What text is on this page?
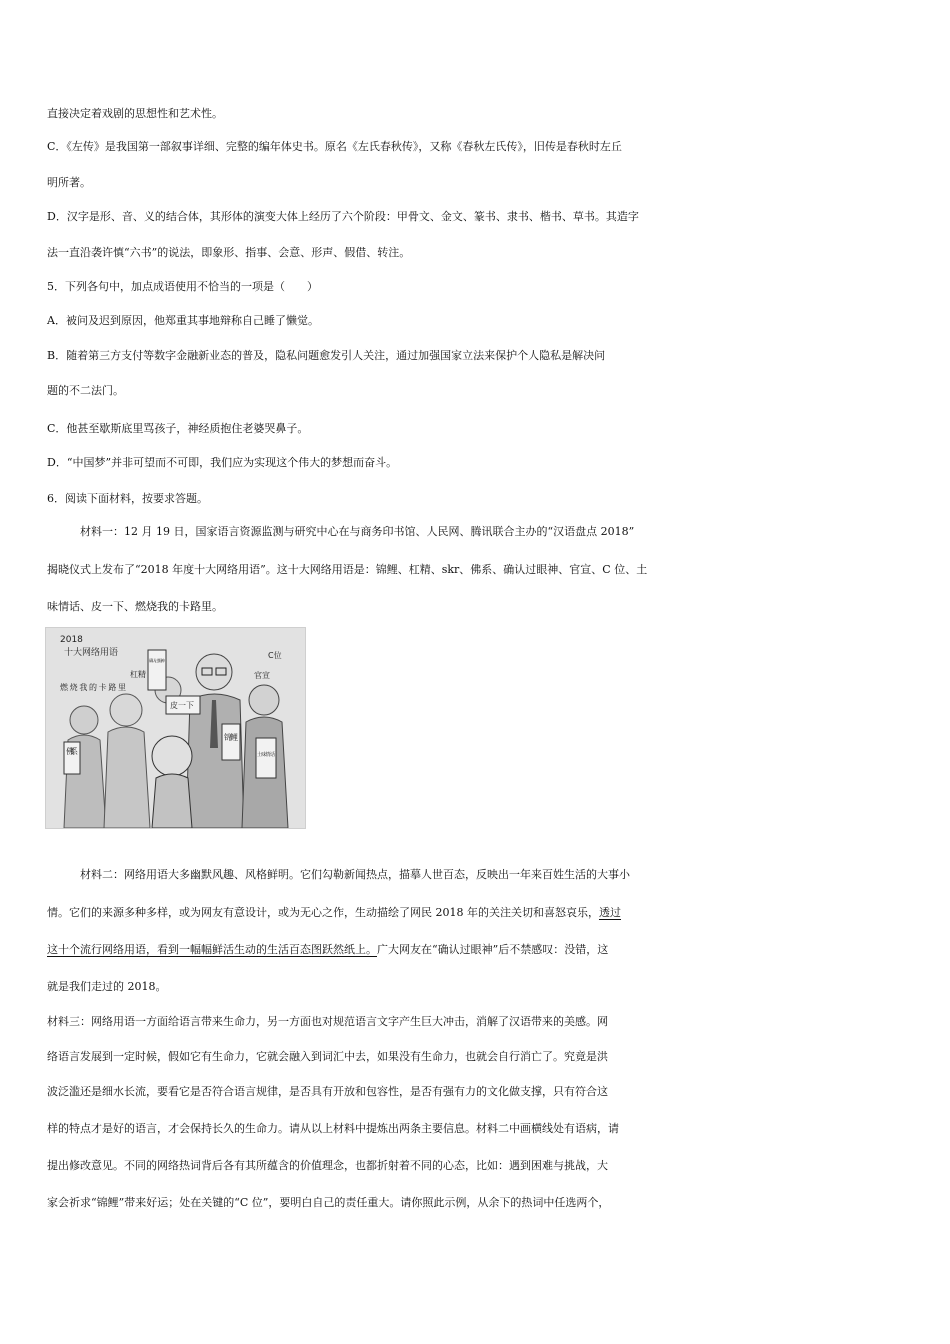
直接决定着戏剧的思想性和艺术性。
C．《左传》是我国第一部叙事详细、完整的编年体史书。原名《左氏春秋传》，又称《春秋左氏传》，旧传是春秋时左丘
明所著。
D．汉字是形、音、义的结合体，其形体的演变大体上经历了六个阶段：甲骨文、金文、篆书、隶书、楷书、草书。其造字
法一直沿袭许慎“六书”的说法，即象形、指事、会意、形声、假借、转注。
5．下列各句中，加点成语使用不恰当的一项是（　　）
A．被问及迟到原因，他郑重其事地辩称自己睡了懒觉。
B．随着第三方支付等数字金融新业态的普及，隐私问题愈发引人关注，通过加强国家立法来保护个人隐私是解决问
题的不二法门。
C．他甚至歇斯底里骂孩子，神经质抱住老婆哭鼻子。
D．“中国梦”并非可望而不可即，我们应为实现这个伟大的梦想而奋斗。
6．阅读下面材料，按要求答题。
材料一：12 月 19 日，国家语言资源监测与研究中心在与商务印书馆、人民网、腾讯联合主办的“汉语盘点 2018”
揭晓仪式上发布了“2018 年度十大网络用语”。这十大网络用语是：锦鲤、杠精、skr、佛系、确认过眼神、官宣、C 位、土
味情话、皮一下、燃烧我的卡路里。
2018
十大网络用语
杠精
C位
官宣
燃烧我的卡路里
佛系
确认过眼神
皮一下
锦鲤
土味情话
材料二：网络用语大多幽默风趣、风格鲜明。它们勾勒新闻热点，描摹人世百态，反映出一年来百姓生活的大事小
情。它们的来源多种多样，或为网友有意设计，或为无心之作，生动描绘了网民 2018 年的关注关切和喜怒哀乐，透过
这十个流行网络用语，看到一幅幅鲜活生动的生活百态图跃然纸上。广大网友在“确认过眼神”后不禁感叹：没错，这
就是我们走过的 2018。
材料三：网络用语一方面给语言带来生命力，另一方面也对规范语言文字产生巨大冲击，消解了汉语带来的美感。网
络语言发展到一定时候，假如它有生命力，它就会融入到词汇中去，如果没有生命力，也就会自行消亡了。究竟是洪
波泛滥还是细水长流，要看它是否符合语言规律，是否具有开放和包容性，是否有强有力的文化做支撑，只有符合这
样的特点才是好的语言，才会保持长久的生命力。请从以上材料中提炼出两条主要信息。材料二中画横线处有语病，请
提出修改意见。不同的网络热词背后各有其所蕴含的价值理念，也都折射着不同的心态，比如：遇到困难与挑战，大
家会祈求“锦鲤”带来好运；处在关键的“C 位”，要明白自己的责任重大。请你照此示例，从余下的热词中任选两个，
